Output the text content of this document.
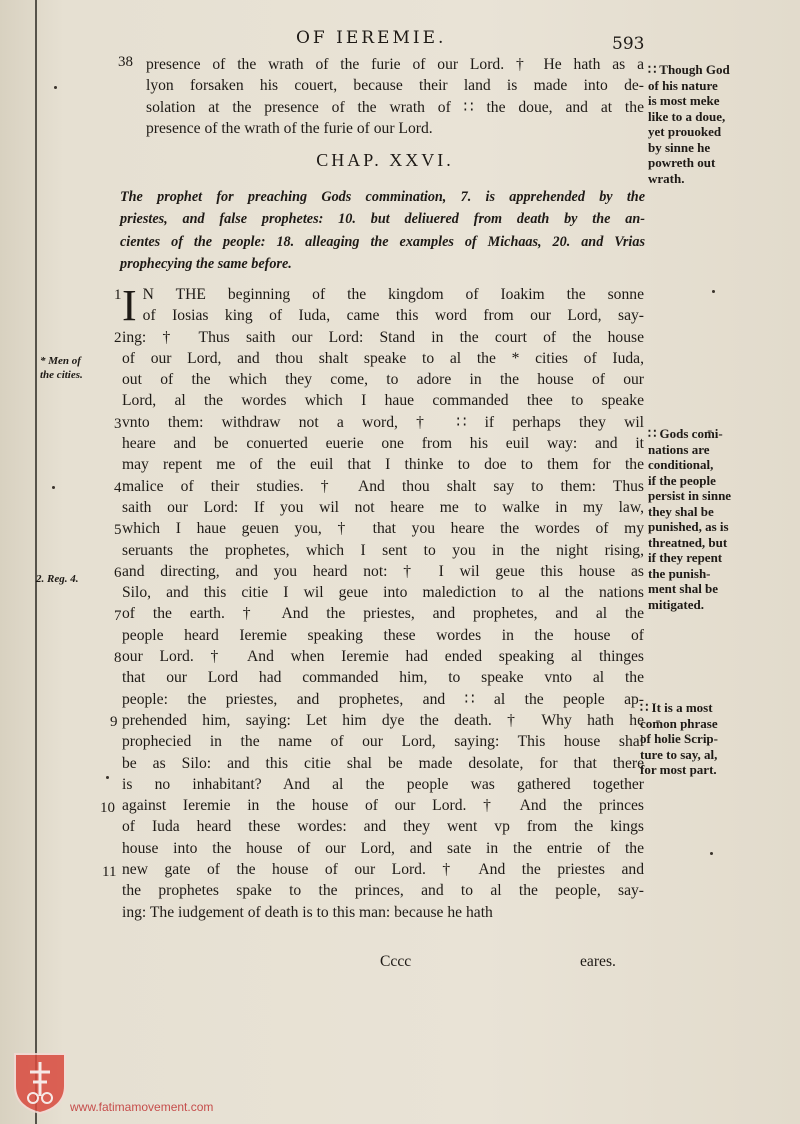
OF IEREMIE.	593
38 presence of the wrath of the furie of our Lord. † He hath as a

lyon forsaken his couert, because their land is made into de-

solation at the presence of the wrath of ∷ the doue, and at the

presence of the wrath of the furie of our Lord.

CHAP. XXVI.

The prophet for preaching Gods commination, 7. is apprehended by the

priestes, and false prophetes: 10. but deliuered from death by the an-

cientes of the people: 18. alleaging the examples of Michaas, 20. and Vrias

prophecying the same before.

I N THE beginning of the kingdom of Ioakim the sonne

of Iosias king of Iuda, came this word from our Lord, say-

ing: † Thus saith our Lord: Stand in the court of the house

of our Lord, and thou shalt speake to al the * cities of Iuda,

out of the which they come, to adore in the house of our

Lord, al the wordes which I haue commanded thee to speake

vnto them: withdraw not a word, † ∷ if perhaps they wil

heare and be conuerted euerie one from his euil way: and it

may repent me of the euil that I thinke to doe to them for the

malice of their studies. † And thou shalt say to them: Thus

saith our Lord: If you wil not heare me to walke in my law,

which I haue geuen you, † that you heare the wordes of my

seruants the prophetes, which I sent to you in the night rising,

and directing, and you heard not: † I wil geue this house as

Silo, and this citie I wil geue into malediction to al the nations

of the earth. † And the priestes, and prophetes, and al the

people heard Ieremie speaking these wordes in the house of

our Lord. † And when Ieremie had ended speaking al thinges

that our Lord had commanded him, to speake vnto al the

people: the priestes, and prophetes, and ∷ al the people ap-

prehended him, saying: Let him dye the death. † Why hath he

prophecied in the name of our Lord, saying: This house shal

be as Silo: and this citie shal be made desolate, for that there

is no inhabitant? And al the people was gathered together

against Ieremie in the house of our Lord. † And the princes

of Iuda heard these wordes: and they went vp from the kings

house into the house of our Lord, and sate in the entrie of the

new gate of the house of our Lord. † And the priestes and

the prophetes spake to the princes, and to al the people, say-

ing: The iudgement of death is to this man: because he hath

1
2
3
4
5
6
7
8
9
10
11
∷ Though God
of his nature
is most meke
like to a doue,
yet prouoked
by sinne he
powreth out
wrath.
∷ Gods com̄i-
nations are
conditional,
if the people
persist in sinne
they shal be
punished, as is
threatned, but
if they repent
the punish-
ment shal be
mitigated.
∷ It is a most
com̄on phrase
of holie Scrip-
ture to say, al,
for most part.
* Men of
the cities.
2. Reg. 4.
Cccc	eares.
www.fatimamovement.com
